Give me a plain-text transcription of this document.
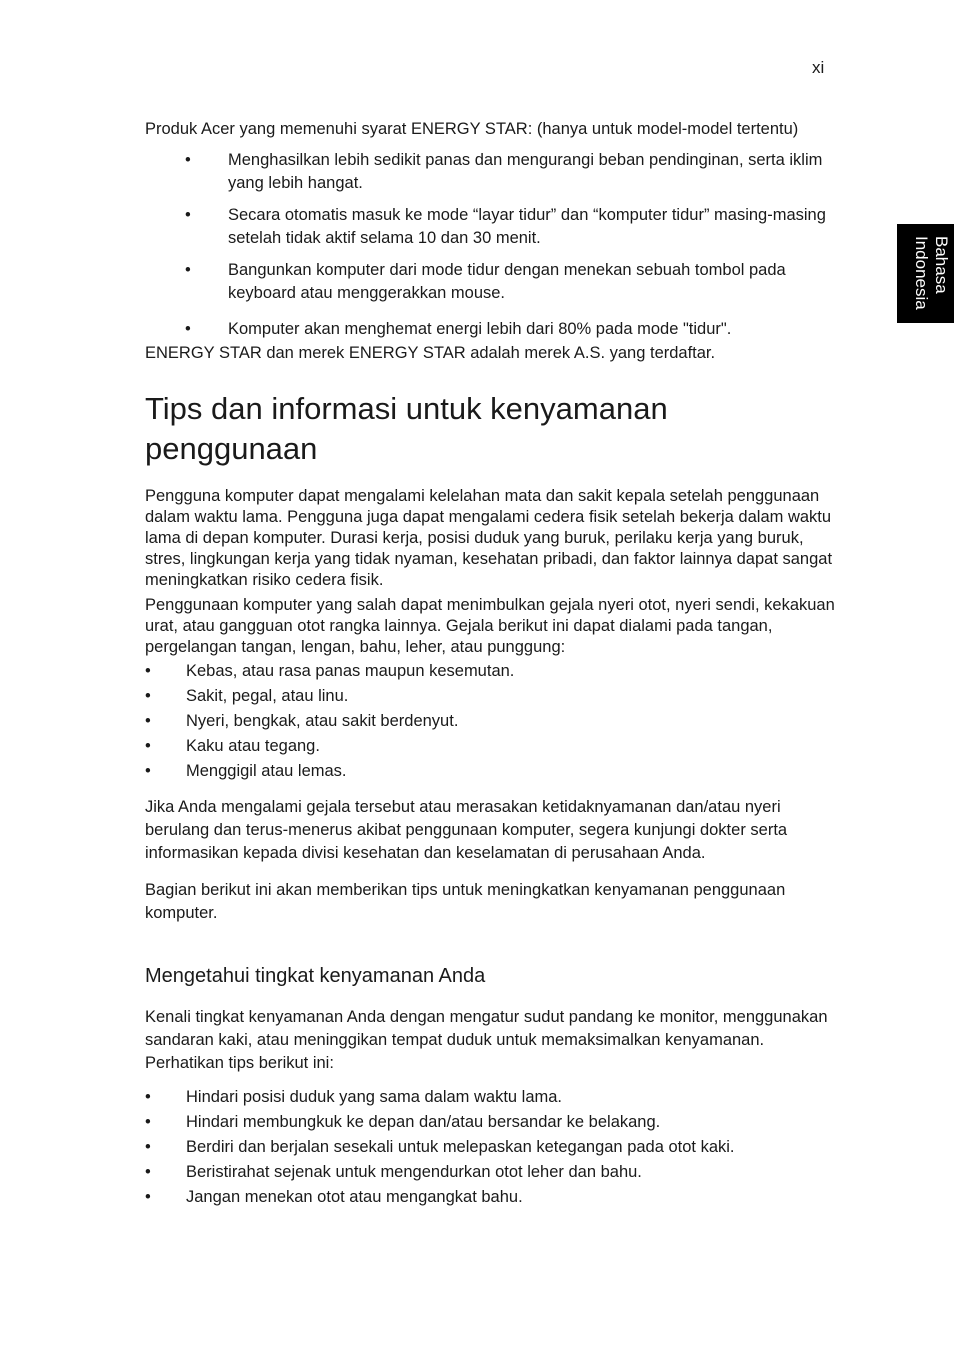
xi
Bahasa Indonesia

Produk Acer yang memenuhi syarat ENERGY STAR: (hanya untuk model-model tertentu)

• Menghasilkan lebih sedikit panas dan mengurangi beban pendinginan, serta iklim yang lebih hangat.
• Secara otomatis masuk ke mode “layar tidur” dan “komputer tidur” masing-masing setelah tidak aktif selama 10 dan 30 menit.
• Bangunkan komputer dari mode tidur dengan menekan sebuah tombol pada keyboard atau menggerakkan mouse.
• Komputer akan menghemat energi lebih dari 80% pada mode "tidur".

ENERGY STAR dan merek ENERGY STAR adalah merek A.S. yang terdaftar.

Tips dan informasi untuk kenyamanan penggunaan

Pengguna komputer dapat mengalami kelelahan mata dan sakit kepala setelah penggunaan dalam waktu lama. Pengguna juga dapat mengalami cedera fisik setelah bekerja dalam waktu lama di depan komputer. Durasi kerja, posisi duduk yang buruk, perilaku kerja yang buruk, stres, lingkungan kerja yang tidak nyaman, kesehatan pribadi, dan faktor lainnya dapat sangat meningkatkan risiko cedera fisik.

Penggunaan komputer yang salah dapat menimbulkan gejala nyeri otot, nyeri sendi, kekakuan urat, atau gangguan otot rangka lainnya. Gejala berikut ini dapat dialami pada tangan, pergelangan tangan, lengan, bahu, leher, atau punggung:

• Kebas, atau rasa panas maupun kesemutan.
• Sakit, pegal, atau linu.
• Nyeri, bengkak, atau sakit berdenyut.
• Kaku atau tegang.
• Menggigil atau lemas.

Jika Anda mengalami gejala tersebut atau merasakan ketidaknyamanan dan/atau nyeri berulang dan terus-menerus akibat penggunaan komputer, segera kunjungi dokter serta informasikan kepada divisi kesehatan dan keselamatan di perusahaan Anda.

Bagian berikut ini akan memberikan tips untuk meningkatkan kenyamanan penggunaan komputer.

Mengetahui tingkat kenyamanan Anda

Kenali tingkat kenyamanan Anda dengan mengatur sudut pandang ke monitor, menggunakan sandaran kaki, atau meninggikan tempat duduk untuk memaksimalkan kenyamanan. Perhatikan tips berikut ini:

• Hindari posisi duduk yang sama dalam waktu lama.
• Hindari membungkuk ke depan dan/atau bersandar ke belakang.
• Berdiri dan berjalan sesekali untuk melepaskan ketegangan pada otot kaki.
• Beristirahat sejenak untuk mengendurkan otot leher dan bahu.
• Jangan menekan otot atau mengangkat bahu.
